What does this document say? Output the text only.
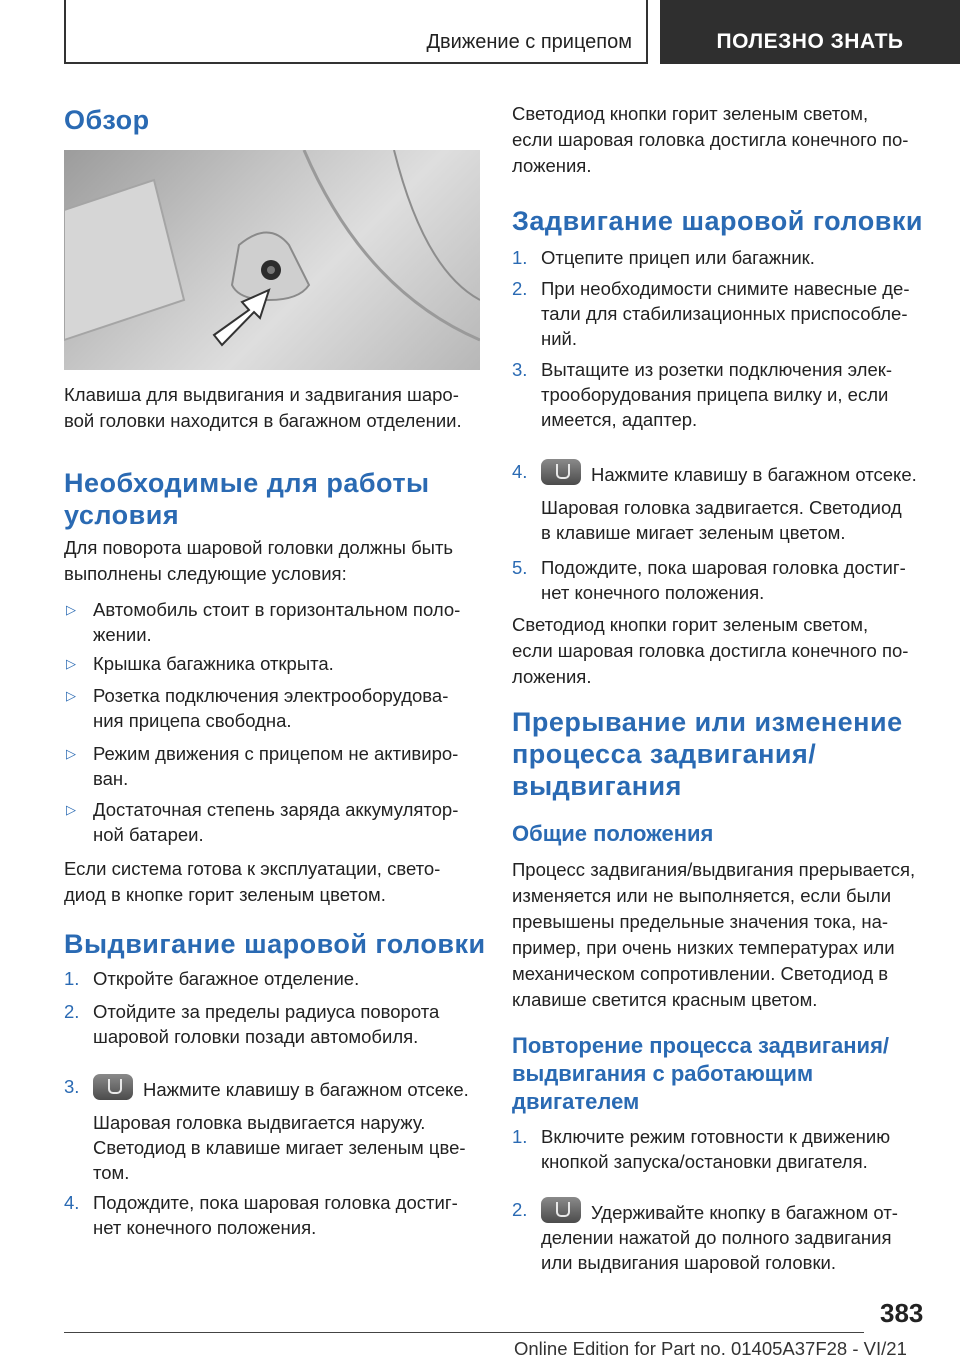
Движение с прицепом	ПОЛЕЗНО ЗНАТЬ
Обзор

Клавиша для выдвигания и задвигания шаро-

вой головки находится в багажном отделении.

Необходимые для работы
условия

Для поворота шаровой головки должны быть

выполнены следующие условия:

▷ Автомобиль стоит в горизонтальном поло-
жении.
▷ Крышка багажника открыта.
▷ Розетка подключения электрооборудова-
ния прицепа свободна.
▷ Режим движения с прицепом не активиро-
ван.
▷ Достаточная степень заряда аккумулятор-
ной батареи.

Если система готова к эксплуатации, свето-

диод в кнопке горит зеленым цветом.

Выдвигание шаровой головки
1. Откройте багажное отделение.
2. Отойдите за пределы радиуса поворота
шаровой головки позади автомобиля.
3.	Нажмите клавишу в багажном отсеке.
Шаровая головка выдвигается наружу.
Светодиод в клавише мигает зеленым цве-
том.
4. Подождите, пока шаровая головка достиг-
нет конечного положения.

Светодиод кнопки горит зеленым светом,

если шаровая головка достигла конечного по-

ложения.

Задвигание шаровой головки
1. Отцепите прицеп или багажник.
2. При необходимости снимите навесные де-
тали для стабилизационных приспособле-
ний.
3. Вытащите из розетки подключения элек-
трооборудования прицепа вилку и, если
имеется, адаптер.
4.	Нажмите клавишу в багажном отсеке.
Шаровая головка задвигается. Светодиод
в клавише мигает зеленым цветом.
5. Подождите, пока шаровая головка достиг-
нет конечного положения.

Светодиод кнопки горит зеленым светом,

если шаровая головка достигла конечного по-

ложения.

Прерывание или изменение
процесса задвигания/
выдвигания
Общие положения

Процесс задвигания/выдвигания прерывается,

изменяется или не выполняется, если были

превышены предельные значения тока, на-

пример, при очень низких температурах или

механическом сопротивлении. Светодиод в

клавише светится красным цветом.

Повторение процесса задвигания/
выдвигания с работающим
двигателем
1. Включите режим готовности к движению
кнопкой запуска/остановки двигателя.
2.	Удерживайте кнопку в багажном от-
делении нажатой до полного задвигания
или выдвигания шаровой головки.
383
Online Edition for Part no. 01405A37F28 - VI/21
